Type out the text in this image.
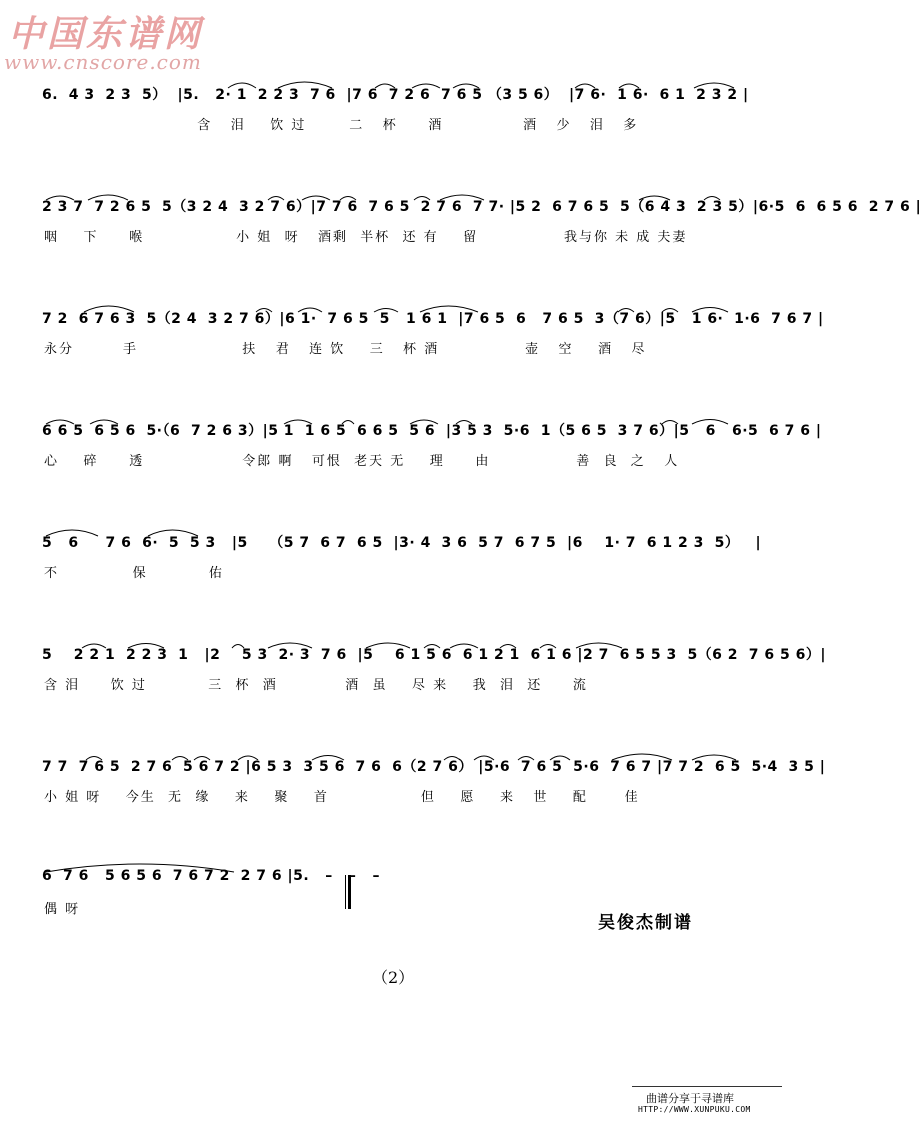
中国东谱网
www.cnscore.com
6.  4 3  2 3  5）  |5.   2· 1  2 2 3  7 6  |7 6  7 2 6  7 6 5 （3 5 6）  |7 6·  1 6·  6 1  2 3 2 |
含   泪    饮 过       二   杯     酒             酒   少   泪   多
2 3 7  7 2 6 5  5（3 2 4  3 2 7 6）|7 7 6  7 6 5  2 7 6  7 7· |5 2  6 7 6 5  5（6 4 3  2 3 5）|6·5  6  6 5 6  2 7 6 |
咽    下     喉               小 姐  呀   酒剩  半杯  还 有    留              我与你 未 成 夫妻
7 2  6 7 6 3  5（2 4  3 2 7 6）|6 1·  7 6 5  5   1 6 1  |7 6 5  6   7 6 5  3（7 6）|5   1 6·  1·6  7 6 7 |
永分        手                 扶   君   连 饮    三   杯 酒              壶   空    酒   尽
6 6 5  6 5 6  5·（6  7 2 6 3）|5 1  1 6 5  6 6 5  5 6  |3 5 3  5·6  1（5 6 5  3 7 6）|5   6   6·5  6 7 6 |
心    碎     透                令郎 啊   可恨  老天 无    理     由              善  良  之   人
5   6     7 6  6·  5  5 3   |5    （5 7  6 7  6 5  |3· 4  3 6  5 7  6 7 5  |6    1· 7  6 1 2 3  5）   |
不            保          佑
5    2 2 1  2 2 3  1   |2    5 3  2· 3  7 6  |5    6 1 5 6  6 1 2 1  6 1 6 |2 7  6 5 5 3  5（6 2  7 6 5 6）|
含 泪     饮 过          三  杯  酒           酒  虽    尽 来    我  泪  还     流
7 7  7 6 5  2 7 6  5 6 7 2 |6 5 3  3 5 6  7 6  6（2 7 6） |5·6  7 6 5  5·6  7 6 7 |7 7 2  6 5  5·4  3 5 |
小 姐 呀    今生  无  缘    来    聚    首               但    愿    来   世    配      佳
6  7 6   5 6 5 6  7 6 7 2  2 7 6 |5.   –   –   –
偶 呀
吴俊杰制谱
（2）
曲谱分享于寻谱库
HTTP://WWW.XUNPUKU.COM
